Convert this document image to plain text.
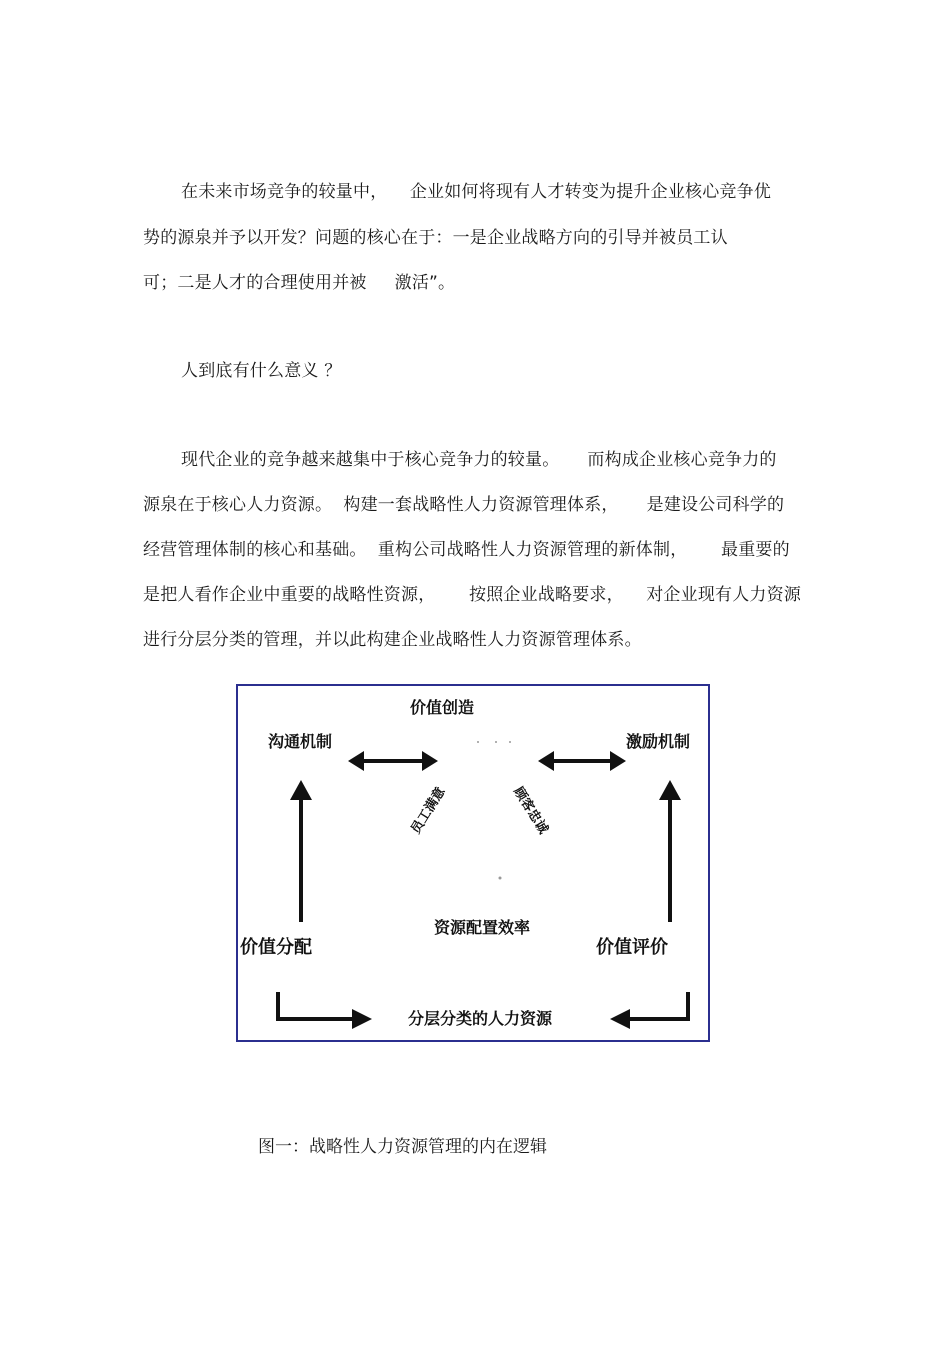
在未来市场竞争的较量中，    企业如何将现有人才转变为提升企业核心竞争优
势的源泉并予以开发？问题的核心在于：一是企业战略方向的引导并被员工认
可；二是人才的合理使用并被     激活”。
人到底有什么意义 ？
现代企业的竞争越来越集中于核心竞争力的较量。     而构成企业核心竞争力的
源泉在于核心人力资源。  构建一套战略性人力资源管理体系，     是建设公司科学的
经营管理体制的核心和基础。  重构公司战略性人力资源管理的新体制，      最重要的
是把人看作企业中重要的战略性资源，      按照企业战略要求，    对企业现有人力资源
进行分层分类的管理，并以此构建企业战略性人力资源管理体系。
价值创造
沟通机制	激励机制
员工满意	顾客忠诚
资源配置效率
价值分配	价值评价
分层分类的人力资源
图一：战略性人力资源管理的内在逻辑
